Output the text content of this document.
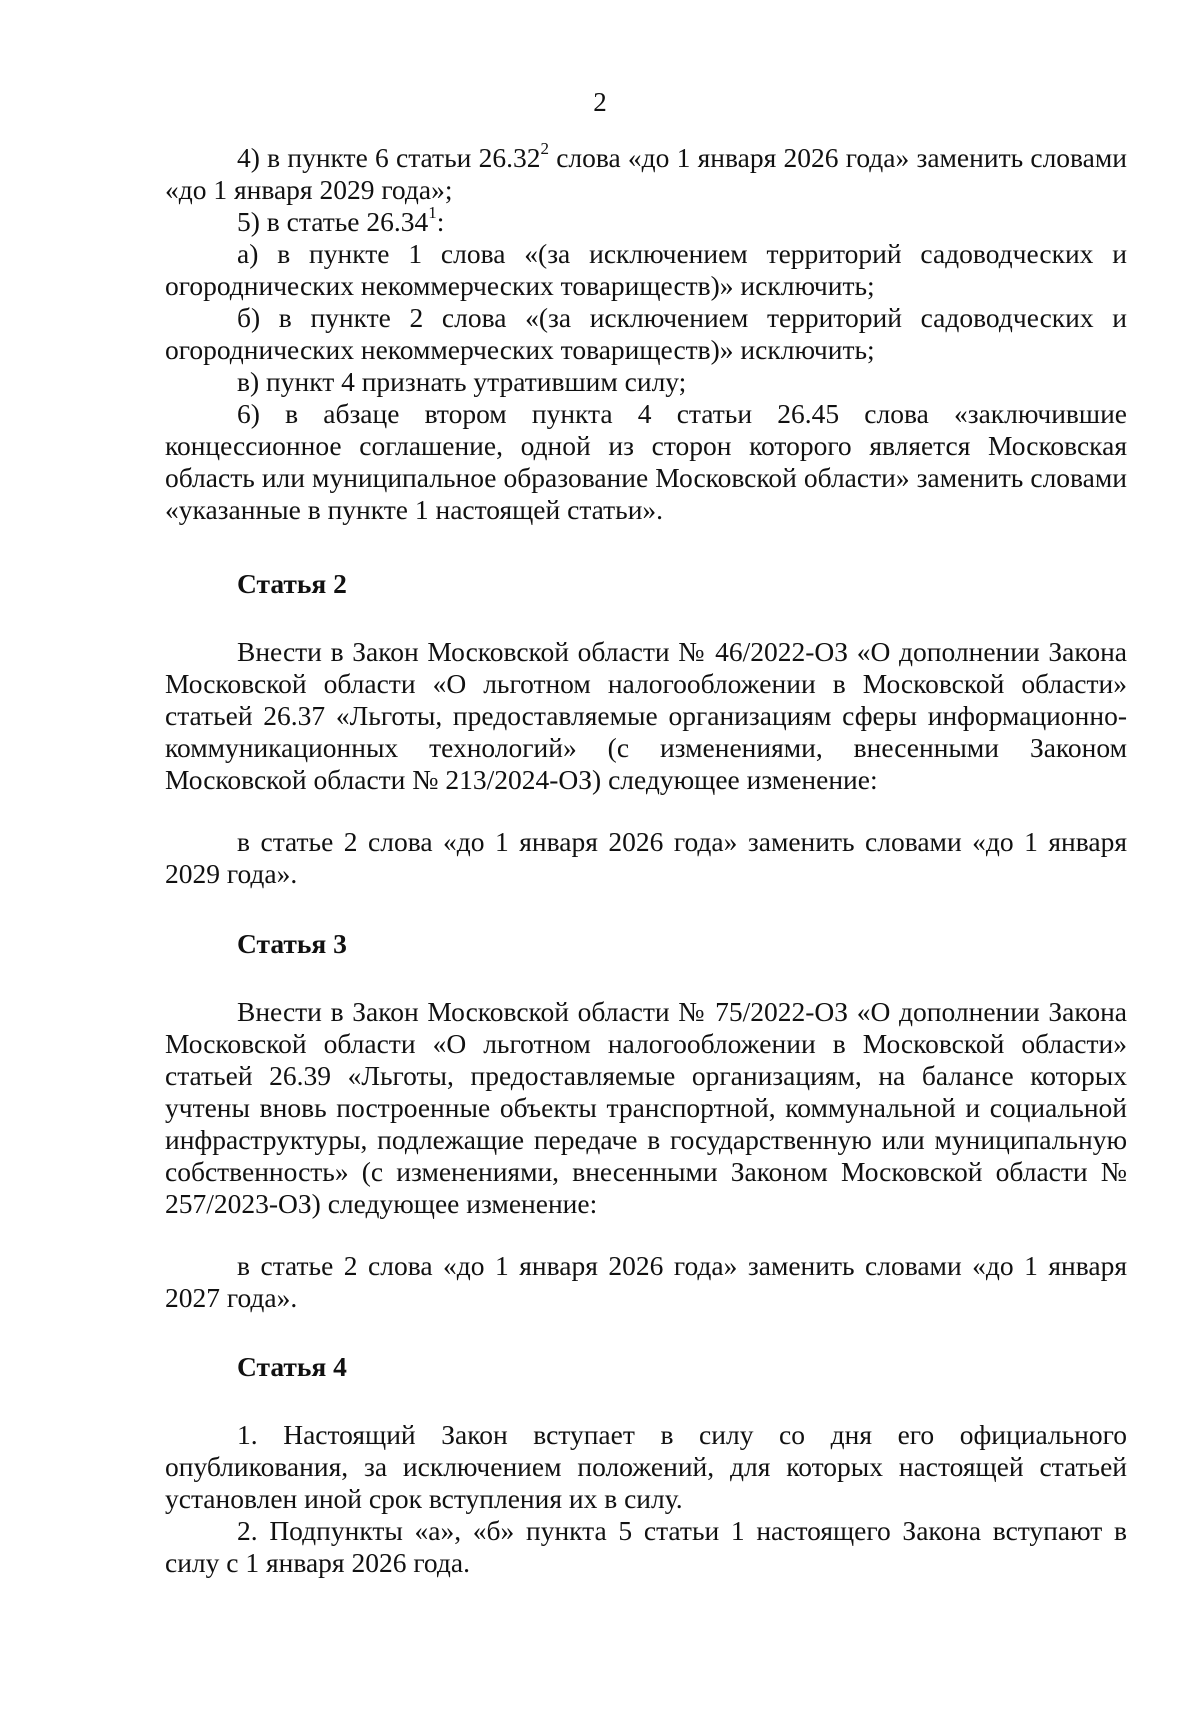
2

4) в пункте 6 статьи 26.32$^2$ слова «до 1 января 2026 года» заменить словами «до 1 января 2029 года»;

5) в статье 26.34$^1$:

а) в пункте 1 слова «(за исключением территорий садоводческих и огороднических некоммерческих товариществ)» исключить;

б) в пункте 2 слова «(за исключением территорий садоводческих и огороднических некоммерческих товариществ)» исключить;

в) пункт 4 признать утратившим силу;

6) в абзаце втором пункта 4 статьи 26.45 слова «заключившие концессионное соглашение, одной из сторон которого является Московская область или муниципальное образование Московской области» заменить словами «указанные в пункте 1 настоящей статьи».

Статья 2

Внести в Закон Московской области № 46/2022-ОЗ «О дополнении Закона Московской области «О льготном налогообложении в Московской области» статьей 26.37 «Льготы, предоставляемые организациям сферы информационно-коммуникационных технологий» (с изменениями, внесенными Законом Московской области № 213/2024-ОЗ) следующее изменение:

в статье 2 слова «до 1 января 2026 года» заменить словами «до 1 января 2029 года».

Статья 3

Внести в Закон Московской области № 75/2022-ОЗ «О дополнении Закона Московской области «О льготном налогообложении в Московской области» статьей 26.39 «Льготы, предоставляемые организациям, на балансе которых учтены вновь построенные объекты транспортной, коммунальной и социальной инфраструктуры, подлежащие передаче в государственную или муниципальную собственность» (с изменениями, внесенными Законом Московской области № 257/2023-ОЗ) следующее изменение:

в статье 2 слова «до 1 января 2026 года» заменить словами «до 1 января 2027 года».

Статья 4

1. Настоящий Закон вступает в силу со дня его официального опубликования, за исключением положений, для которых настоящей статьей установлен иной срок вступления их в силу.

2. Подпункты «а», «б» пункта 5 статьи 1 настоящего Закона вступают в силу с 1 января 2026 года.
